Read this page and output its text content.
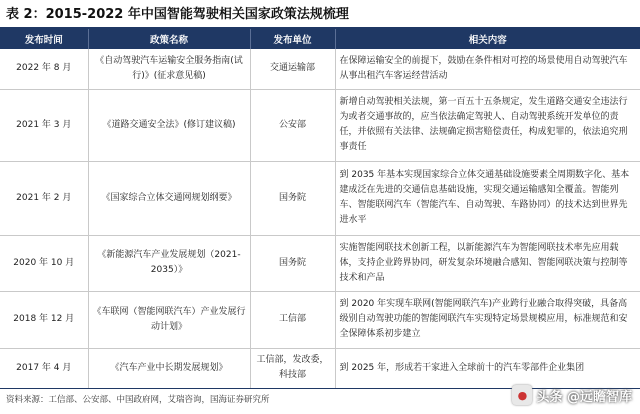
表 2：2015-2022 年中国智能驾驶相关国家政策法规梳理
发布时间	政策名称	发布单位	相关内容
2022 年 8 月	《自动驾驶汽车运输安全服务指南(试行)》(征求意见稿)	交通运输部	在保障运输安全的前提下，鼓励在条件相对可控的场景使用自动驾驶汽车从事出租汽车客运经营活动
2021 年 3 月	《道路交通安全法》(修订建议稿)	公安部	新增自动驾驶相关法规，第一百五十五条规定，发生道路交通安全违法行为或者交通事故的，应当依法确定驾驶人、自动驾驶系统开发单位的责任，并依照有关法律、法规确定损害赔偿责任，构成犯罪的，依法追究刑事责任
2021 年 2 月	《国家综合立体交通网规划纲要》	国务院	到 2035 年基本实现国家综合立体交通基础设施要素全周期数字化、基本建成泛在先进的交通信息基础设施，实现交通运输感知全覆盖。智能列车、智能联网汽车（智能汽车、自动驾驶、车路协同）的技术达到世界先进水平
2020 年 10 月	《新能源汽车产业发展规划（2021-2035）》	国务院	实施智能网联技术创新工程，以新能源汽车为智能网联技术率先应用载体，支持企业跨界协同，研发复杂环境融合感知、智能网联决策与控制等技术和产品
2018 年 12 月	《车联网（智能网联汽车）产业发展行动计划》	工信部	到 2020 年实现车联网(智能网联汽车)产业跨行业融合取得突破，具备高级别自动驾驶功能的智能网联汽车实现特定场景规模应用，标准规范和安全保障体系初步建立
2017 年 4 月	《汽车产业中长期发展规划》	工信部，发改委，科技部	到 2025 年，形成若干家进入全球前十的汽车零部件企业集团
资料来源：工信部、公安部、中国政府网，艾瑞咨询，国海证券研究所	● 头条 @远瞻智库
